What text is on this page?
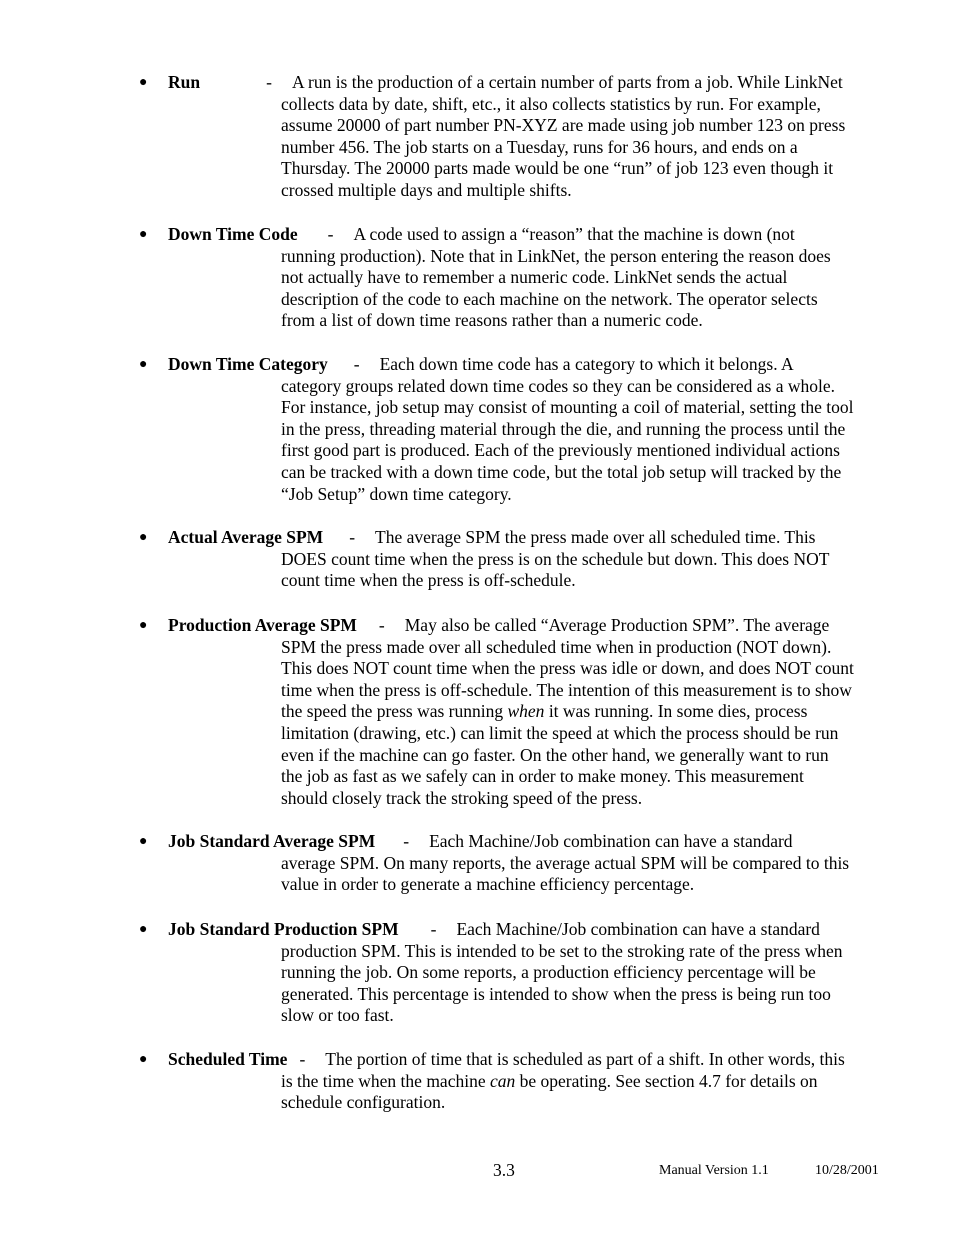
● Run	- A run is the production of a certain number of parts from a job. While LinkNet
collects data by date, shift, etc., it also collects statistics by run. For example,
assume 20000 of part number PN-XYZ are made using job number 123 on press
number 456. The job starts on a Tuesday, runs for 36 hours, and ends on a
Thursday. The 20000 parts made would be one “run” of job 123 even though it
crossed multiple days and multiple shifts.
● Down Time Code - A code used to assign a “reason” that the machine is down (not
running production). Note that in LinkNet, the person entering the reason does
not actually have to remember a numeric code. LinkNet sends the actual
description of the code to each machine on the network. The operator selects
from a list of down time reasons rather than a numeric code.
● Down Time Category - Each down time code has a category to which it belongs. A
category groups related down time codes so they can be considered as a whole.
For instance, job setup may consist of mounting a coil of material, setting the tool
in the press, threading material through the die, and running the process until the
first good part is produced. Each of the previously mentioned individual actions
can be tracked with a down time code, but the total job setup will tracked by the
“Job Setup” down time category.
● Actual Average SPM - The average SPM the press made over all scheduled time. This
DOES count time when the press is on the schedule but down. This does NOT
count time when the press is off-schedule.
● Production Average SPM - May also be called “Average Production SPM”. The average
SPM the press made over all scheduled time when in production (NOT down).
This does NOT count time when the press was idle or down, and does NOT count
time when the press is off-schedule. The intention of this measurement is to show
the speed the press was running when it was running. In some dies, process
limitation (drawing, etc.) can limit the speed at which the process should be run
even if the machine can go faster. On the other hand, we generally want to run
the job as fast as we safely can in order to make money. This measurement
should closely track the stroking speed of the press.
● Job Standard Average SPM - Each Machine/Job combination can have a standard
average SPM. On many reports, the average actual SPM will be compared to this
value in order to generate a machine efficiency percentage.
● Job Standard Production SPM - Each Machine/Job combination can have a standard
production SPM. This is intended to be set to the stroking rate of the press when
running the job. On some reports, a production efficiency percentage will be
generated. This percentage is intended to show when the press is being run too
slow or too fast.
● Scheduled Time - The portion of time that is scheduled as part of a shift. In other words, this
is the time when the machine can be operating. See section 4.7 for details on
schedule configuration.
3.3	Manual Version 1.1	10/28/2001
